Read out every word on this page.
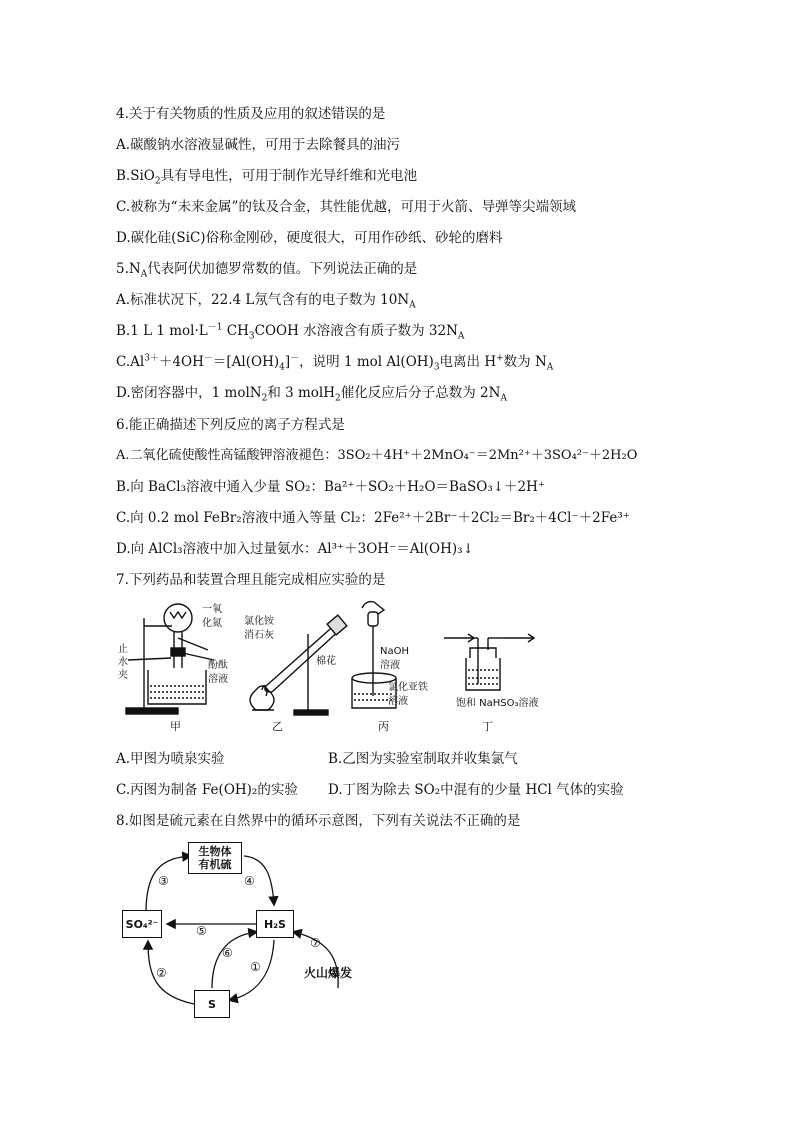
4.关于有关物质的性质及应用的叙述错误的是
A.碳酸钠水溶液显碱性，可用于去除餐具的油污
B.SiO$_2$具有导电性，可用于制作光导纤维和光电池
C.被称为“未来金属”的钛及合金，其性能优越，可用于火箭、导弹等尖端领域
D.碳化硅(SiC)俗称金刚砂，硬度很大，可用作砂纸、砂轮的磨料
$5.N_A$代表阿伏加德罗常数的值。下列说法正确的是
A.标准状况下，22.4 L氖气含有的电子数为 $10N_A$
B.1 L 1 $mol\cdot L^{-1}$ $CH_3COOH$ 水溶液含有质子数为 $32N_A$
$C.Al^{3+}+4OH^-=[Al(OH)_4]^-$，说明 1 mol $Al(OH)_3$电离出 H+数为 $N_A$
D.密闭容器中，1 molN$_2$和 3 molH$_2$催化反应后分子总数为 $2N_A$
6.能正确描述下列反应的离子方程式是
A.二氧化硫使酸性高锰酸钾溶液褪色：3SO₂＋4H⁺＋2MnO₄⁻＝2Mn²⁺＋3SO₄²⁻＋2H₂O
B.向 BaCl₃溶液中通入少量 SO₂：Ba²⁺＋SO₂＋H₂O＝BaSO₃↓＋2H⁺
C.向 0.2 mol FeBr₂溶液中通入等量 Cl₂：2Fe²⁺＋2Br⁻＋2Cl₂＝Br₂＋4Cl⁻＋2Fe³⁺
D.向 AlCl₃溶液中加入过量氨水：Al³⁺＋3OH⁻＝Al(OH)₃↓
7.下列药品和装置合理且能完成相应实验的是
一氧
化氮
止
水
夹
酚酞
溶液
氯化铵
消石灰
棉花
NaOH
溶液
氯化亚铁
溶液	饱和 NaHSO₃溶液
甲	乙	丙	丁
A.甲图为喷泉实验	B.乙图为实验室制取并收集氯气
C.丙图为制备 Fe(OH)₂的实验 D.丁图为除去 SO₂中混有的少量 HCl 气体的实验
8.如图是硫元素在自然界中的循环示意图，下列有关说法不正确的是
生物体
有机硫
SO₄²⁻	H₂S
S
③	④
⑤
⑥
①
②
⑦
火山爆发
